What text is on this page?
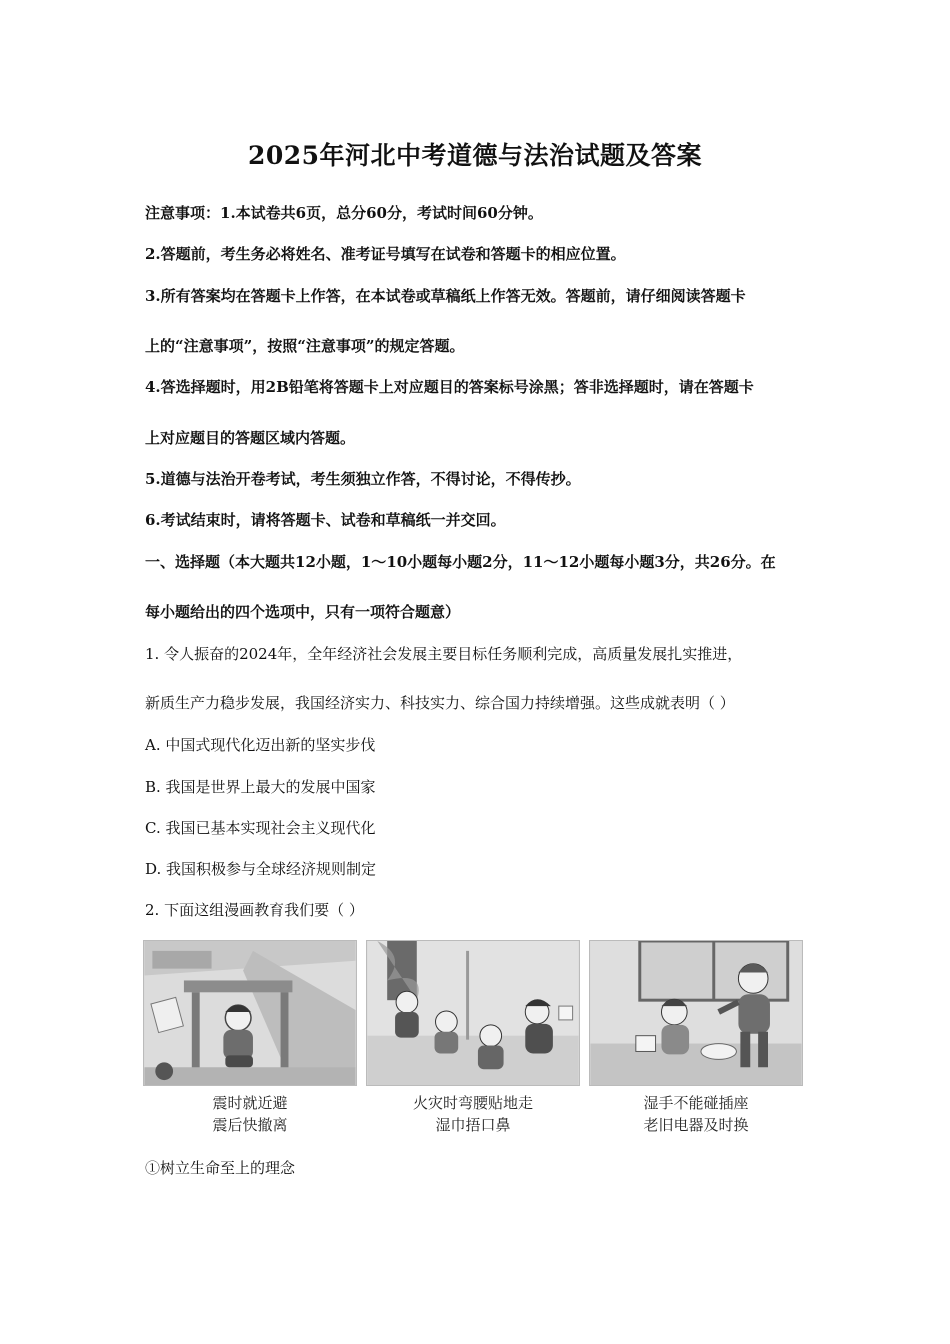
2025年河北中考道德与法治试题及答案
注意事项：1.本试卷共6页，总分60分，考试时间60分钟。
2.答题前，考生务必将姓名、准考证号填写在试卷和答题卡的相应位置。
3.所有答案均在答题卡上作答，在本试卷或草稿纸上作答无效。答题前，请仔细阅读答题卡
上的“注意事项”，按照“注意事项”的规定答题。
4.答选择题时，用2B铅笔将答题卡上对应题目的答案标号涂黑；答非选择题时，请在答题卡
上对应题目的答题区域内答题。
5.道德与法治开卷考试，考生须独立作答，不得讨论，不得传抄。
6.考试结束时，请将答题卡、试卷和草稿纸一并交回。
一、选择题（本大题共12小题，1～10小题每小题2分，11～12小题每小题3分，共26分。在
每小题给出的四个选项中，只有一项符合题意）
1. 令人振奋的2024年，全年经济社会发展主要目标任务顺利完成，高质量发展扎实推进，
新质生产力稳步发展，我国经济实力、科技实力、综合国力持续增强。这些成就表明（ ）
A. 中国式现代化迈出新的坚实步伐
B. 我国是世界上最大的发展中国家
C. 我国已基本实现社会主义现代化
D. 我国积极参与全球经济规则制定
2. 下面这组漫画教育我们要（ ）
震时就近避
震后快撤离
火灾时弯腰贴地走
湿巾捂口鼻
湿手不能碰插座
老旧电器及时换
①树立生命至上的理念
